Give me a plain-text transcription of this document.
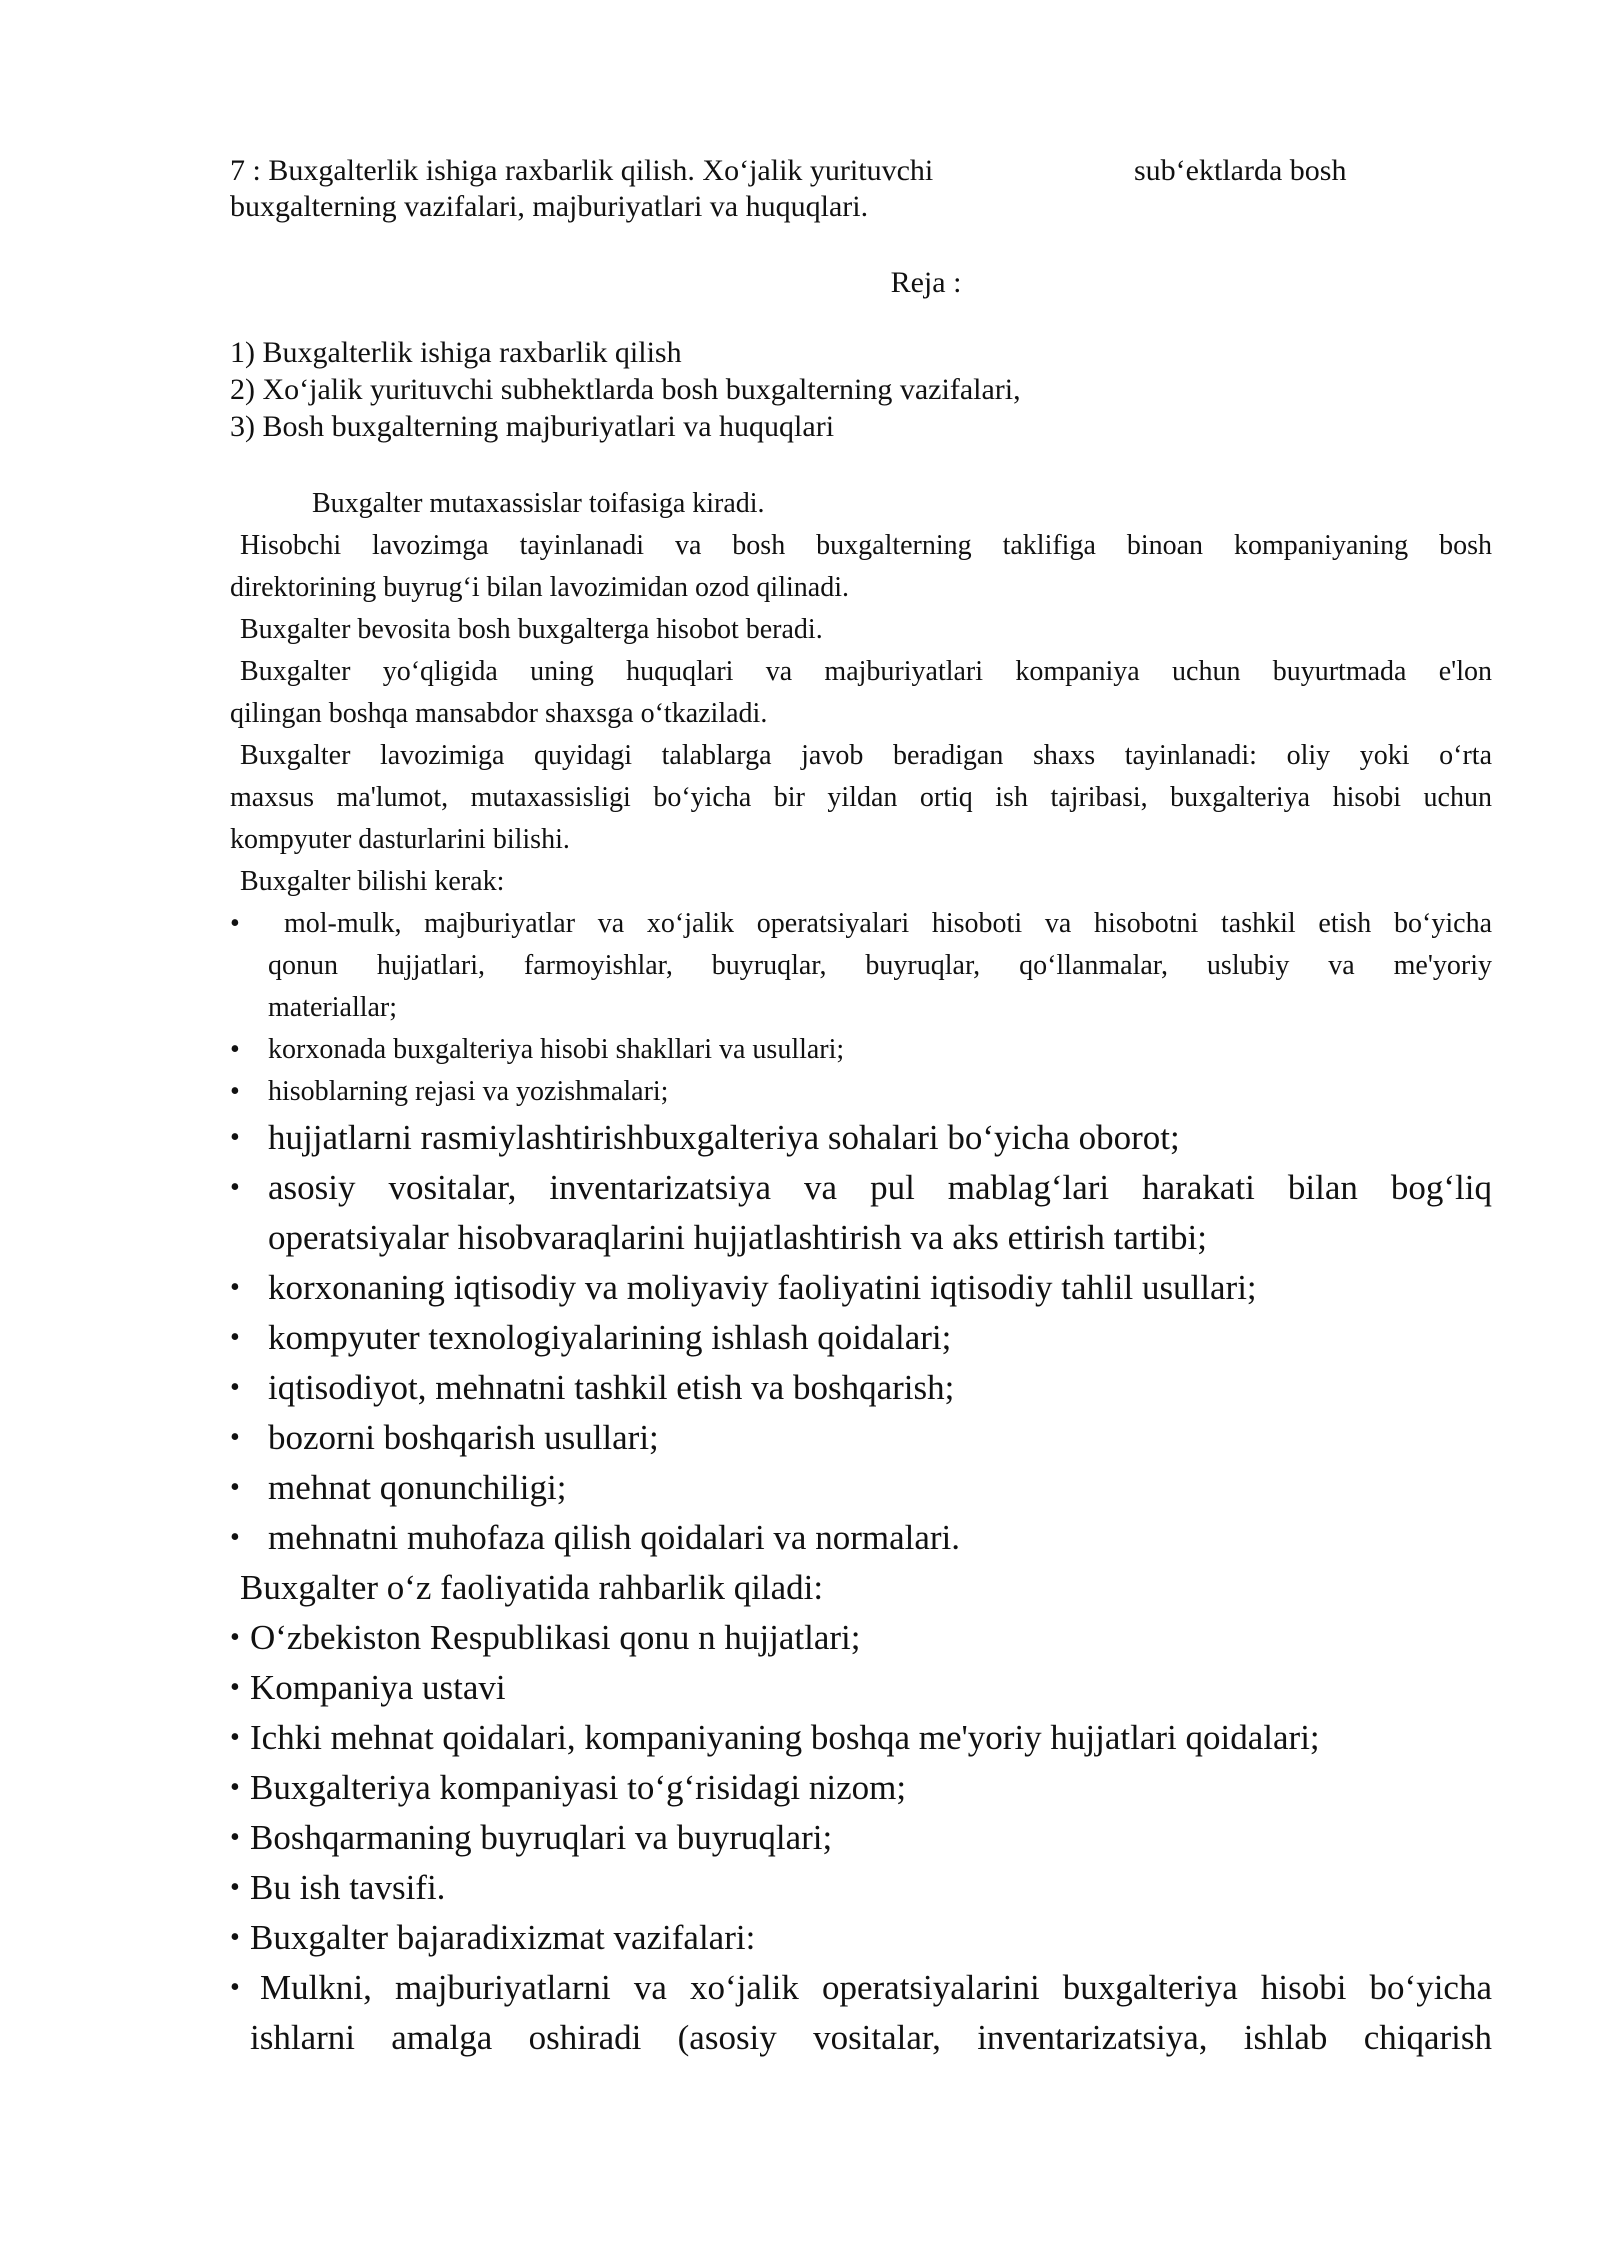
7 : Buxgalterlik ishiga raxbarlik qilish. Xo‘jalik yurituvchi	sub‘ektlarda bosh
buxgalterning vazifalari, majburiyatlari va huquqlari.
Reja :
1) Buxgalterlik ishiga raxbarlik qilish
2) Xo‘jalik yurituvchi subhektlarda bosh buxgalterning vazifalari,
3) Bosh buxgalterning majburiyatlari va huquqlari
Buxgalter mutaxassislar toifasiga kiradi.
Hisobchi lavozimga tayinlanadi va bosh buxgalterning taklifiga binoan kompaniyaning bosh
direktorining buyrug‘i bilan lavozimidan ozod qilinadi.
Buxgalter bevosita bosh buxgalterga hisobot beradi.
Buxgalter yo‘qligida uning huquqlari va majburiyatlari kompaniya uchun buyurtmada e'lon
qilingan boshqa mansabdor shaxsga o‘tkaziladi.
Buxgalter lavozimiga quyidagi talablarga javob beradigan shaxs tayinlanadi: oliy yoki o‘rta
maxsus ma'lumot, mutaxassisligi bo‘yicha bir yildan ortiq ish tajribasi, buxgalteriya hisobi uchun
kompyuter dasturlarini bilishi.
Buxgalter bilishi kerak:
•	mol-mulk, majburiyatlar va xo‘jalik operatsiyalari hisoboti va hisobotni tashkil etish bo‘yicha
qonun hujjatlari, farmoyishlar, buyruqlar, buyruqlar, qo‘llanmalar, uslubiy va me'yoriy
materiallar;
• korxonada buxgalteriya hisobi shakllari va usullari;
• hisoblarning rejasi va yozishmalari;
• hujjatlarni rasmiylashtirishbuxgalteriya sohalari bo‘yicha oborot;
• asosiy vositalar, inventarizatsiya va pul mablag‘lari harakati bilan bog‘liq
operatsiyalar hisobvaraqlarini hujjatlashtirish va aks ettirish tartibi;
• korxonaning iqtisodiy va moliyaviy faoliyatini iqtisodiy tahlil usullari;
• kompyuter texnologiyalarining ishlash qoidalari;
• iqtisodiyot, mehnatni tashkil etish va boshqarish;
• bozorni boshqarish usullari;
• mehnat qonunchiligi;
• mehnatni muhofaza qilish qoidalari va normalari.
Buxgalter o‘z faoliyatida rahbarlik qiladi:
• O‘zbekiston Respublikasi qonu n hujjatlari;
• Kompaniya ustavi
• Ichki mehnat qoidalari, kompaniyaning boshqa me'yoriy hujjatlari qoidalari;
• Buxgalteriya kompaniyasi to‘g‘risidagi nizom;
• Boshqarmaning buyruqlari va buyruqlari;
• Bu ish tavsifi.
• Buxgalter bajaradixizmat vazifalari:
• Mulkni, majburiyatlarni va xo‘jalik operatsiyalarini buxgalteriya hisobi bo‘yicha
ishlarni amalga oshiradi (asosiy vositalar, inventarizatsiya, ishlab chiqarish
